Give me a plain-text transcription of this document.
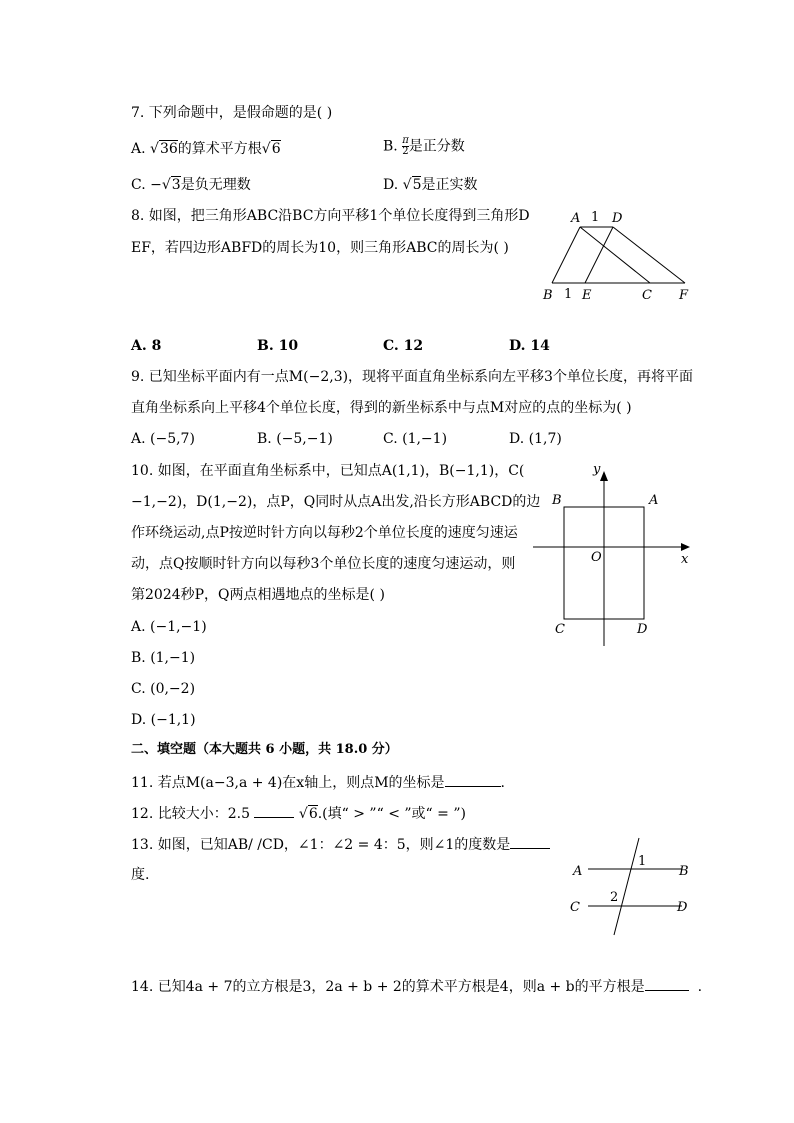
7. 下列命题中，是假命题的是( )
A. √36的算术平方根√6	B. $\frac{\pi}{2}$ 是正分数
C. −√3是负无理数	D. √5是正实数
8. 如图，把三角形ABC沿BC方向平移1个单位长度得到三角形D
EF，若四边形ABFD的周长为10，则三角形ABC的周长为( )
A 1 D
B 1 E	C F
A. 8	B. 10	C. 12	D. 14
9. 已知坐标平面内有一点M(−2,3)，现将平面直角坐标系向左平移3个单位长度，再将平面
直角坐标系向上平移4个单位长度，得到的新坐标系中与点M对应的点的坐标为( )
A. (−5,7)	B. (−5,−1)	C. (1,−1)	D. (1,7)
10. 如图，在平面直角坐标系中，已知点A(1,1)，B(−1,1)，C(
−1,−2)，D(1,−2)，点P，Q同时从点A出发,沿长方形ABCD的边
作环绕运动,点P按逆时针方向以每秒2个单位长度的速度匀速运
动，点Q按顺时针方向以每秒3个单位长度的速度匀速运动，则
第2024秒P，Q两点相遇地点的坐标是( )
x
y
O
A
B
C	D
A. (−1,−1)
B. (1,−1)
C. (0,−2)
D. (−1,1)
二、填空题（本大题共 6 小题，共 18.0 分）
11. 若点M(a−3,a + 4)在x轴上，则点M的坐标是	.
12. 比较大小：2.5	√6.(填“ > ”“ < ”或“ = ”)
13. 如图，已知AB/ /CD，∠1：∠2 = 4：5，则∠1的度数是
度.	A	B
C	D
1
2
14. 已知4a + 7的立方根是3，2a + b + 2的算术平方根是4，则a + b的平方根是	.
